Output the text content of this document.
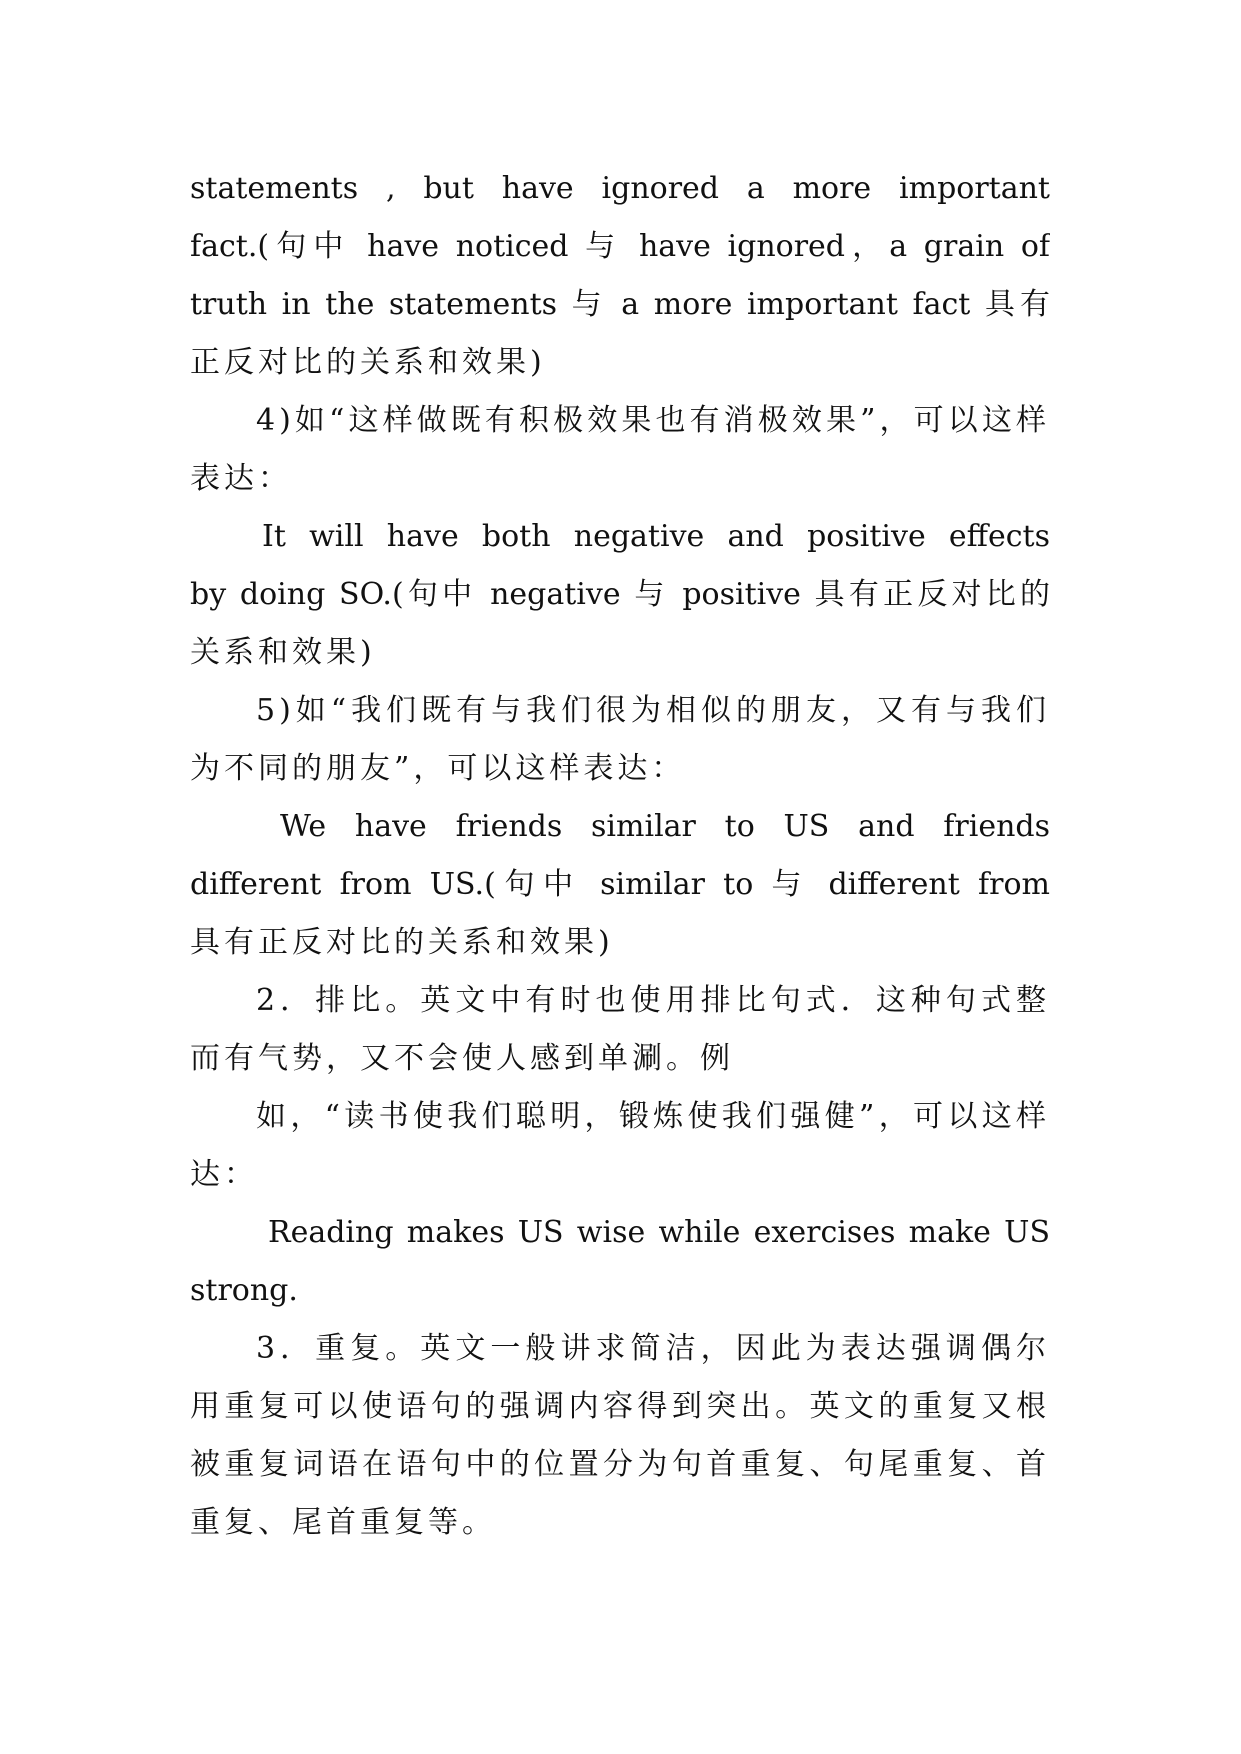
statements , but have ignored a more important
fact.(句中 have noticed 与 have ignored，a grain of
truth in the statements 与 a more important fact 具有
正反对比的关系和效果)
4)如“这样做既有积极效果也有消极效果”，可以这样
表达：
It will have both negative and positive effects
by doing SO.(句中 negative 与 positive 具有正反对比的
关系和效果)
5)如“我们既有与我们很为相似的朋友，又有与我们
为不同的朋友”，可以这样表达：
We have friends similar to US and friends
different from US.(句中 similar to 与 different from
具有正反对比的关系和效果)
2．排比。英文中有时也使用排比句式．这种句式整
而有气势，又不会使人感到单涮。例
如，“读书使我们聪明，锻炼使我们强健”，可以这样
达：
Reading makes US wise while exercises make US
strong.
3．重复。英文一般讲求简洁，因此为表达强调偶尔
用重复可以使语句的强调内容得到突出。英文的重复又根
被重复词语在语句中的位置分为句首重复、句尾重复、首
重复、尾首重复等。
